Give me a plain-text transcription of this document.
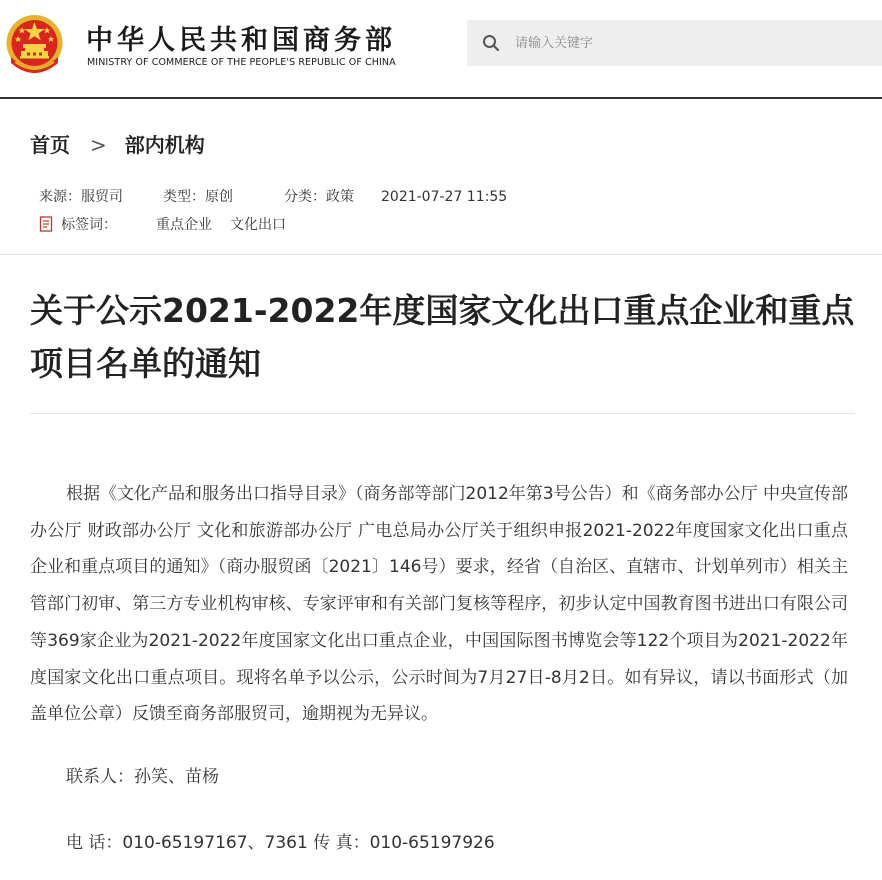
中华人民共和国商务部
MINISTRY OF COMMERCE OF THE PEOPLE'S REPUBLIC OF CHINA
请输入关键字
首页 > 部内机构
来源：服贸司	类型：原创	分类：政策 2021-07-27 11:55
标签词：	重点企业 文化出口
关于公示2021-2022年度国家文化出口重点企业和重点项目名单的通知

根据《文化产品和服务出口指导目录》（商务部等部门2012年第3号公告）和《商务部办公厅 中央宣传部办公厅 财政部办公厅 文化和旅游部办公厅 广电总局办公厅关于组织申报2021-2022年度国家文化出口重点企业和重点项目的通知》（商办服贸函〔2021〕146号）要求，经省（自治区、直辖市、计划单列市）相关主管部门初审、第三方专业机构审核、专家评审和有关部门复核等程序，初步认定中国教育图书进出口有限公司等369家企业为2021-2022年度国家文化出口重点企业，中国国际图书博览会等122个项目为2021-2022年度国家文化出口重点项目。现将名单予以公示，公示时间为7月27日-8月2日。如有异议，请以书面形式（加盖单位公章）反馈至商务部服贸司，逾期视为无异议。

联系人：孙笑、苗杨

电 话：010-65197167、7361 传 真：010-65197926
